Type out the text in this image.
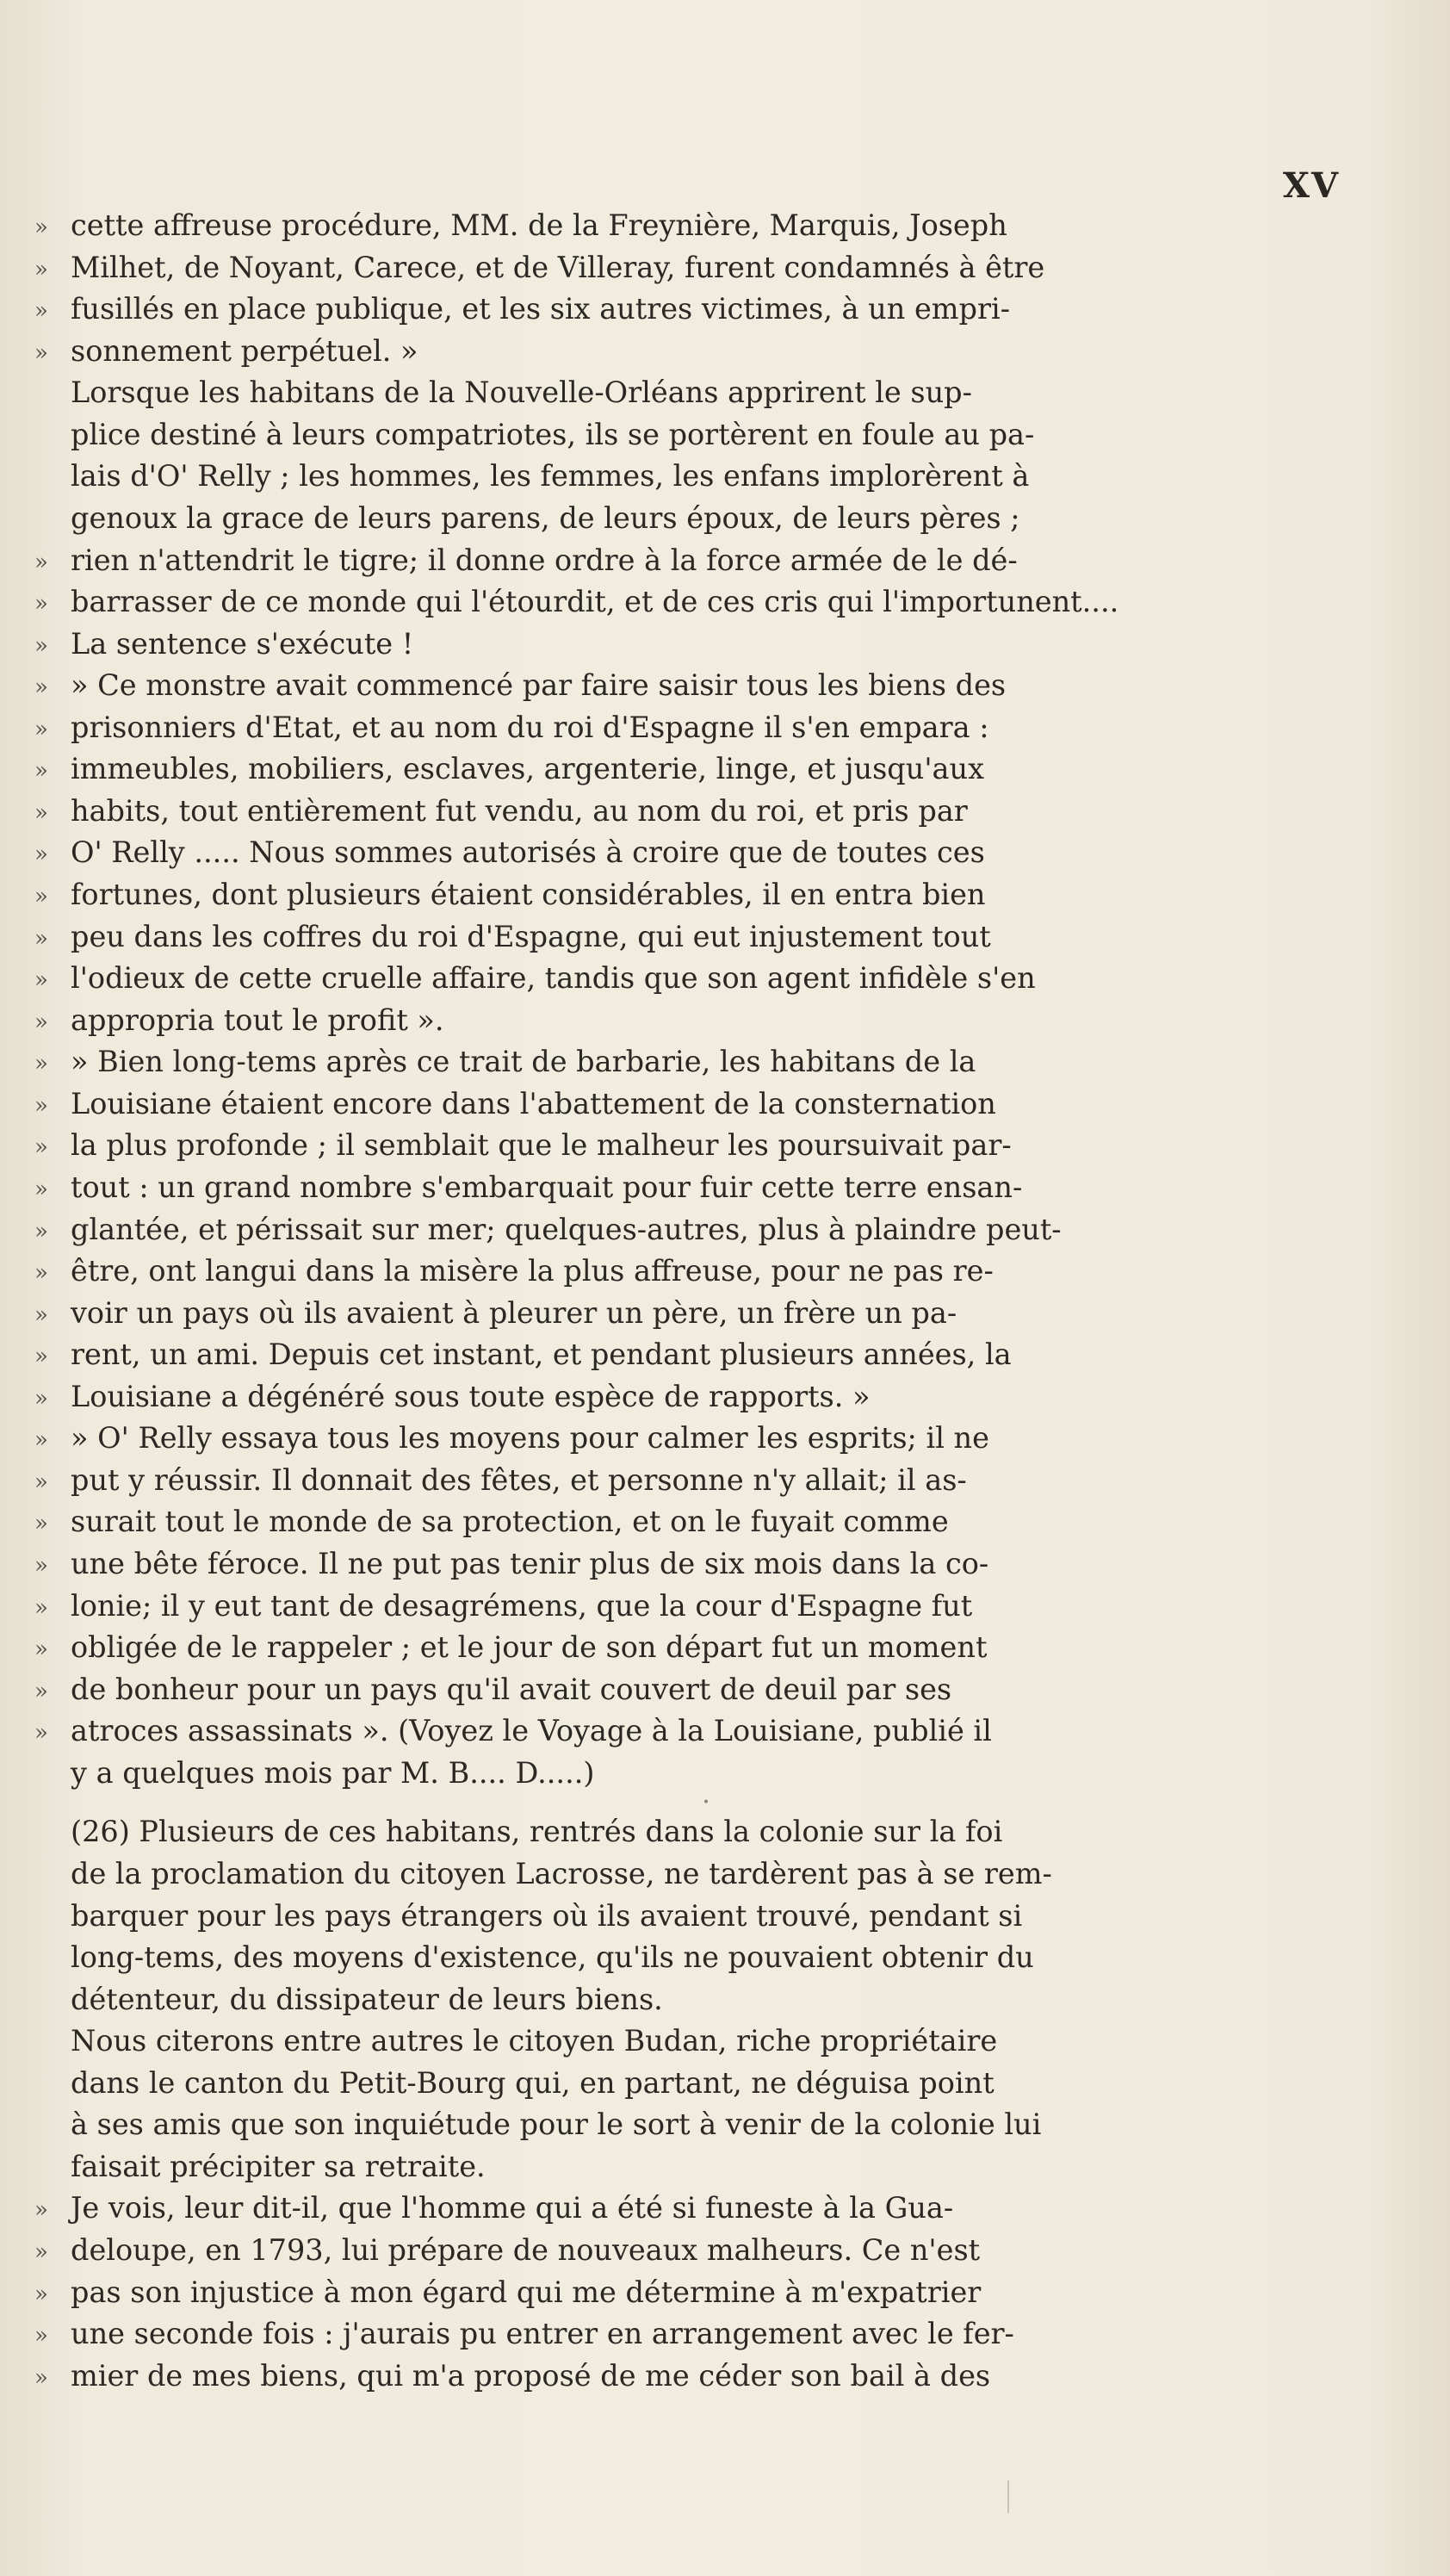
XV
» cette affreuse procédure, MM. de la Freynière, Marquis, Joseph
» Milhet, de Noyant, Carece, et de Villeray, furent condamnés à être
» fusillés en place publique, et les six autres victimes, à un empri-
» sonnement perpétuel. »
Lorsque les habitans de la Nouvelle-Orléans apprirent le sup-
plice destiné à leurs compatriotes, ils se portèrent en foule au pa-
lais d'O' Relly ; les hommes, les femmes, les enfans implorèrent à
genoux la grace de leurs parens, de leurs époux, de leurs pères ;
» rien n'attendrit le tigre; il donne ordre à la force armée de le dé-
» barrasser de ce monde qui l'étourdit, et de ces cris qui l'importunent....
» La sentence s'exécute !
» » Ce monstre avait commencé par faire saisir tous les biens des
» prisonniers d'Etat, et au nom du roi d'Espagne il s'en empara :
» immeubles, mobiliers, esclaves, argenterie, linge, et jusqu'aux
» habits, tout entièrement fut vendu, au nom du roi, et pris par
» O' Relly ..... Nous sommes autorisés à croire que de toutes ces
» fortunes, dont plusieurs étaient considérables, il en entra bien
» peu dans les coffres du roi d'Espagne, qui eut injustement tout
» l'odieux de cette cruelle affaire, tandis que son agent infidèle s'en
» appropria tout le profit ».
» » Bien long-tems après ce trait de barbarie, les habitans de la
» Louisiane étaient encore dans l'abattement de la consternation
» la plus profonde ; il semblait que le malheur les poursuivait par-
» tout : un grand nombre s'embarquait pour fuir cette terre ensan-
» glantée, et périssait sur mer; quelques-autres, plus à plaindre peut-
» être, ont langui dans la misère la plus affreuse, pour ne pas re-
» voir un pays où ils avaient à pleurer un père, un frère un pa-
» rent, un ami. Depuis cet instant, et pendant plusieurs années, la
» Louisiane a dégénéré sous toute espèce de rapports. »
» » O' Relly essaya tous les moyens pour calmer les esprits; il ne
» put y réussir. Il donnait des fêtes, et personne n'y allait; il as-
» surait tout le monde de sa protection, et on le fuyait comme
» une bête féroce. Il ne put pas tenir plus de six mois dans la co-
» lonie; il y eut tant de desagrémens, que la cour d'Espagne fut
» obligée de le rappeler ; et le jour de son départ fut un moment
» de bonheur pour un pays qu'il avait couvert de deuil par ses
» atroces assassinats ». (Voyez le Voyage à la Louisiane, publié il
y a quelques mois par M. B.... D.....)
•
(26) Plusieurs de ces habitans, rentrés dans la colonie sur la foi
de la proclamation du citoyen Lacrosse, ne tardèrent pas à se rem-
barquer pour les pays étrangers où ils avaient trouvé, pendant si
long-tems, des moyens d'existence, qu'ils ne pouvaient obtenir du
détenteur, du dissipateur de leurs biens.
Nous citerons entre autres le citoyen Budan, riche propriétaire
dans le canton du Petit-Bourg qui, en partant, ne déguisa point
à ses amis que son inquiétude pour le sort à venir de la colonie lui
faisait précipiter sa retraite.
» Je vois, leur dit-il, que l'homme qui a été si funeste à la Gua-
» deloupe, en 1793, lui prépare de nouveaux malheurs. Ce n'est
» pas son injustice à mon égard qui me détermine à m'expatrier
» une seconde fois : j'aurais pu entrer en arrangement avec le fer-
» mier de mes biens, qui m'a proposé de me céder son bail à des
